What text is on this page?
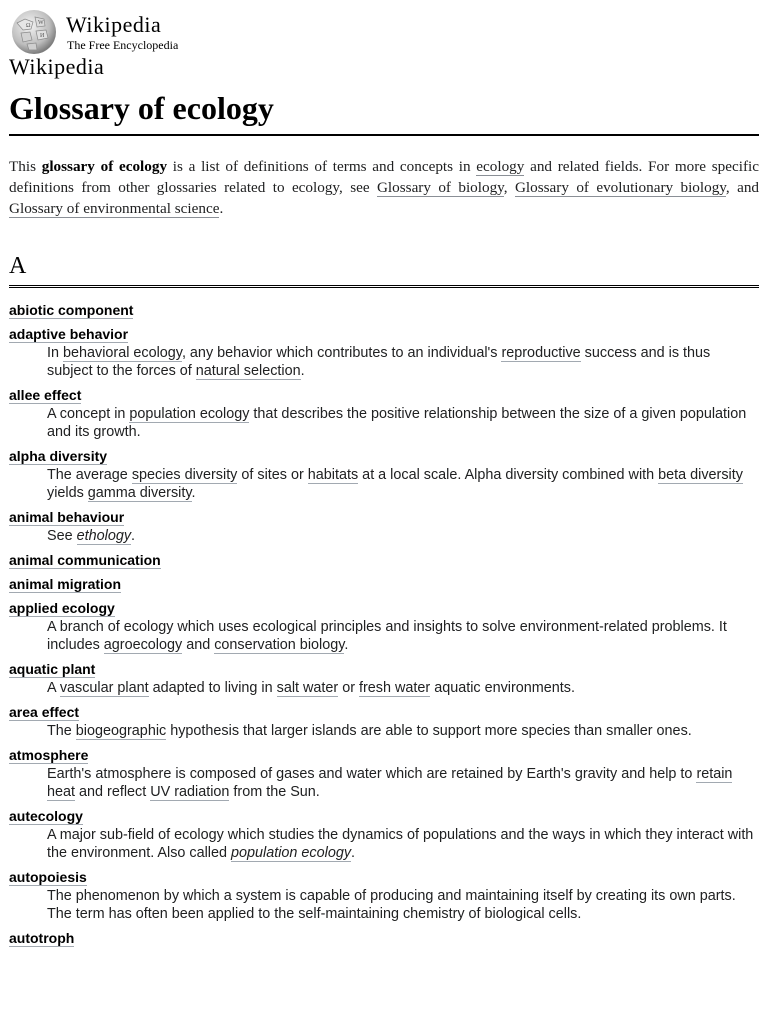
Ω W
И Wikipedia
The Free Encyclopedia
Wikipedia
Glossary of ecology

This glossary of ecology is a list of definitions of terms and concepts in ecology and related fields. For more specific definitions from other glossaries related to ecology, see Glossary of biology, Glossary of evolutionary biology, and Glossary of environmental science.

A
abiotic component
adaptive behavior
In behavioral ecology, any behavior which contributes to an individual's reproductive success and is thus subject to the forces of natural selection.
allee effect
A concept in population ecology that describes the positive relationship between the size of a given population and its growth.
alpha diversity
The average species diversity of sites or habitats at a local scale. Alpha diversity combined with beta diversity yields gamma diversity.
animal behaviour
See ethology.
animal communication
animal migration
applied ecology
A branch of ecology which uses ecological principles and insights to solve environment-related problems. It includes agroecology and conservation biology.
aquatic plant
A vascular plant adapted to living in salt water or fresh water aquatic environments.
area effect
The biogeographic hypothesis that larger islands are able to support more species than smaller ones.
atmosphere
Earth's atmosphere is composed of gases and water which are retained by Earth's gravity and help to retain heat and reflect UV radiation from the Sun.
autecology
A major sub-field of ecology which studies the dynamics of populations and the ways in which they interact with the environment. Also called population ecology.
autopoiesis
The phenomenon by which a system is capable of producing and maintaining itself by creating its own parts. The term has often been applied to the self-maintaining chemistry of biological cells.
autotroph
